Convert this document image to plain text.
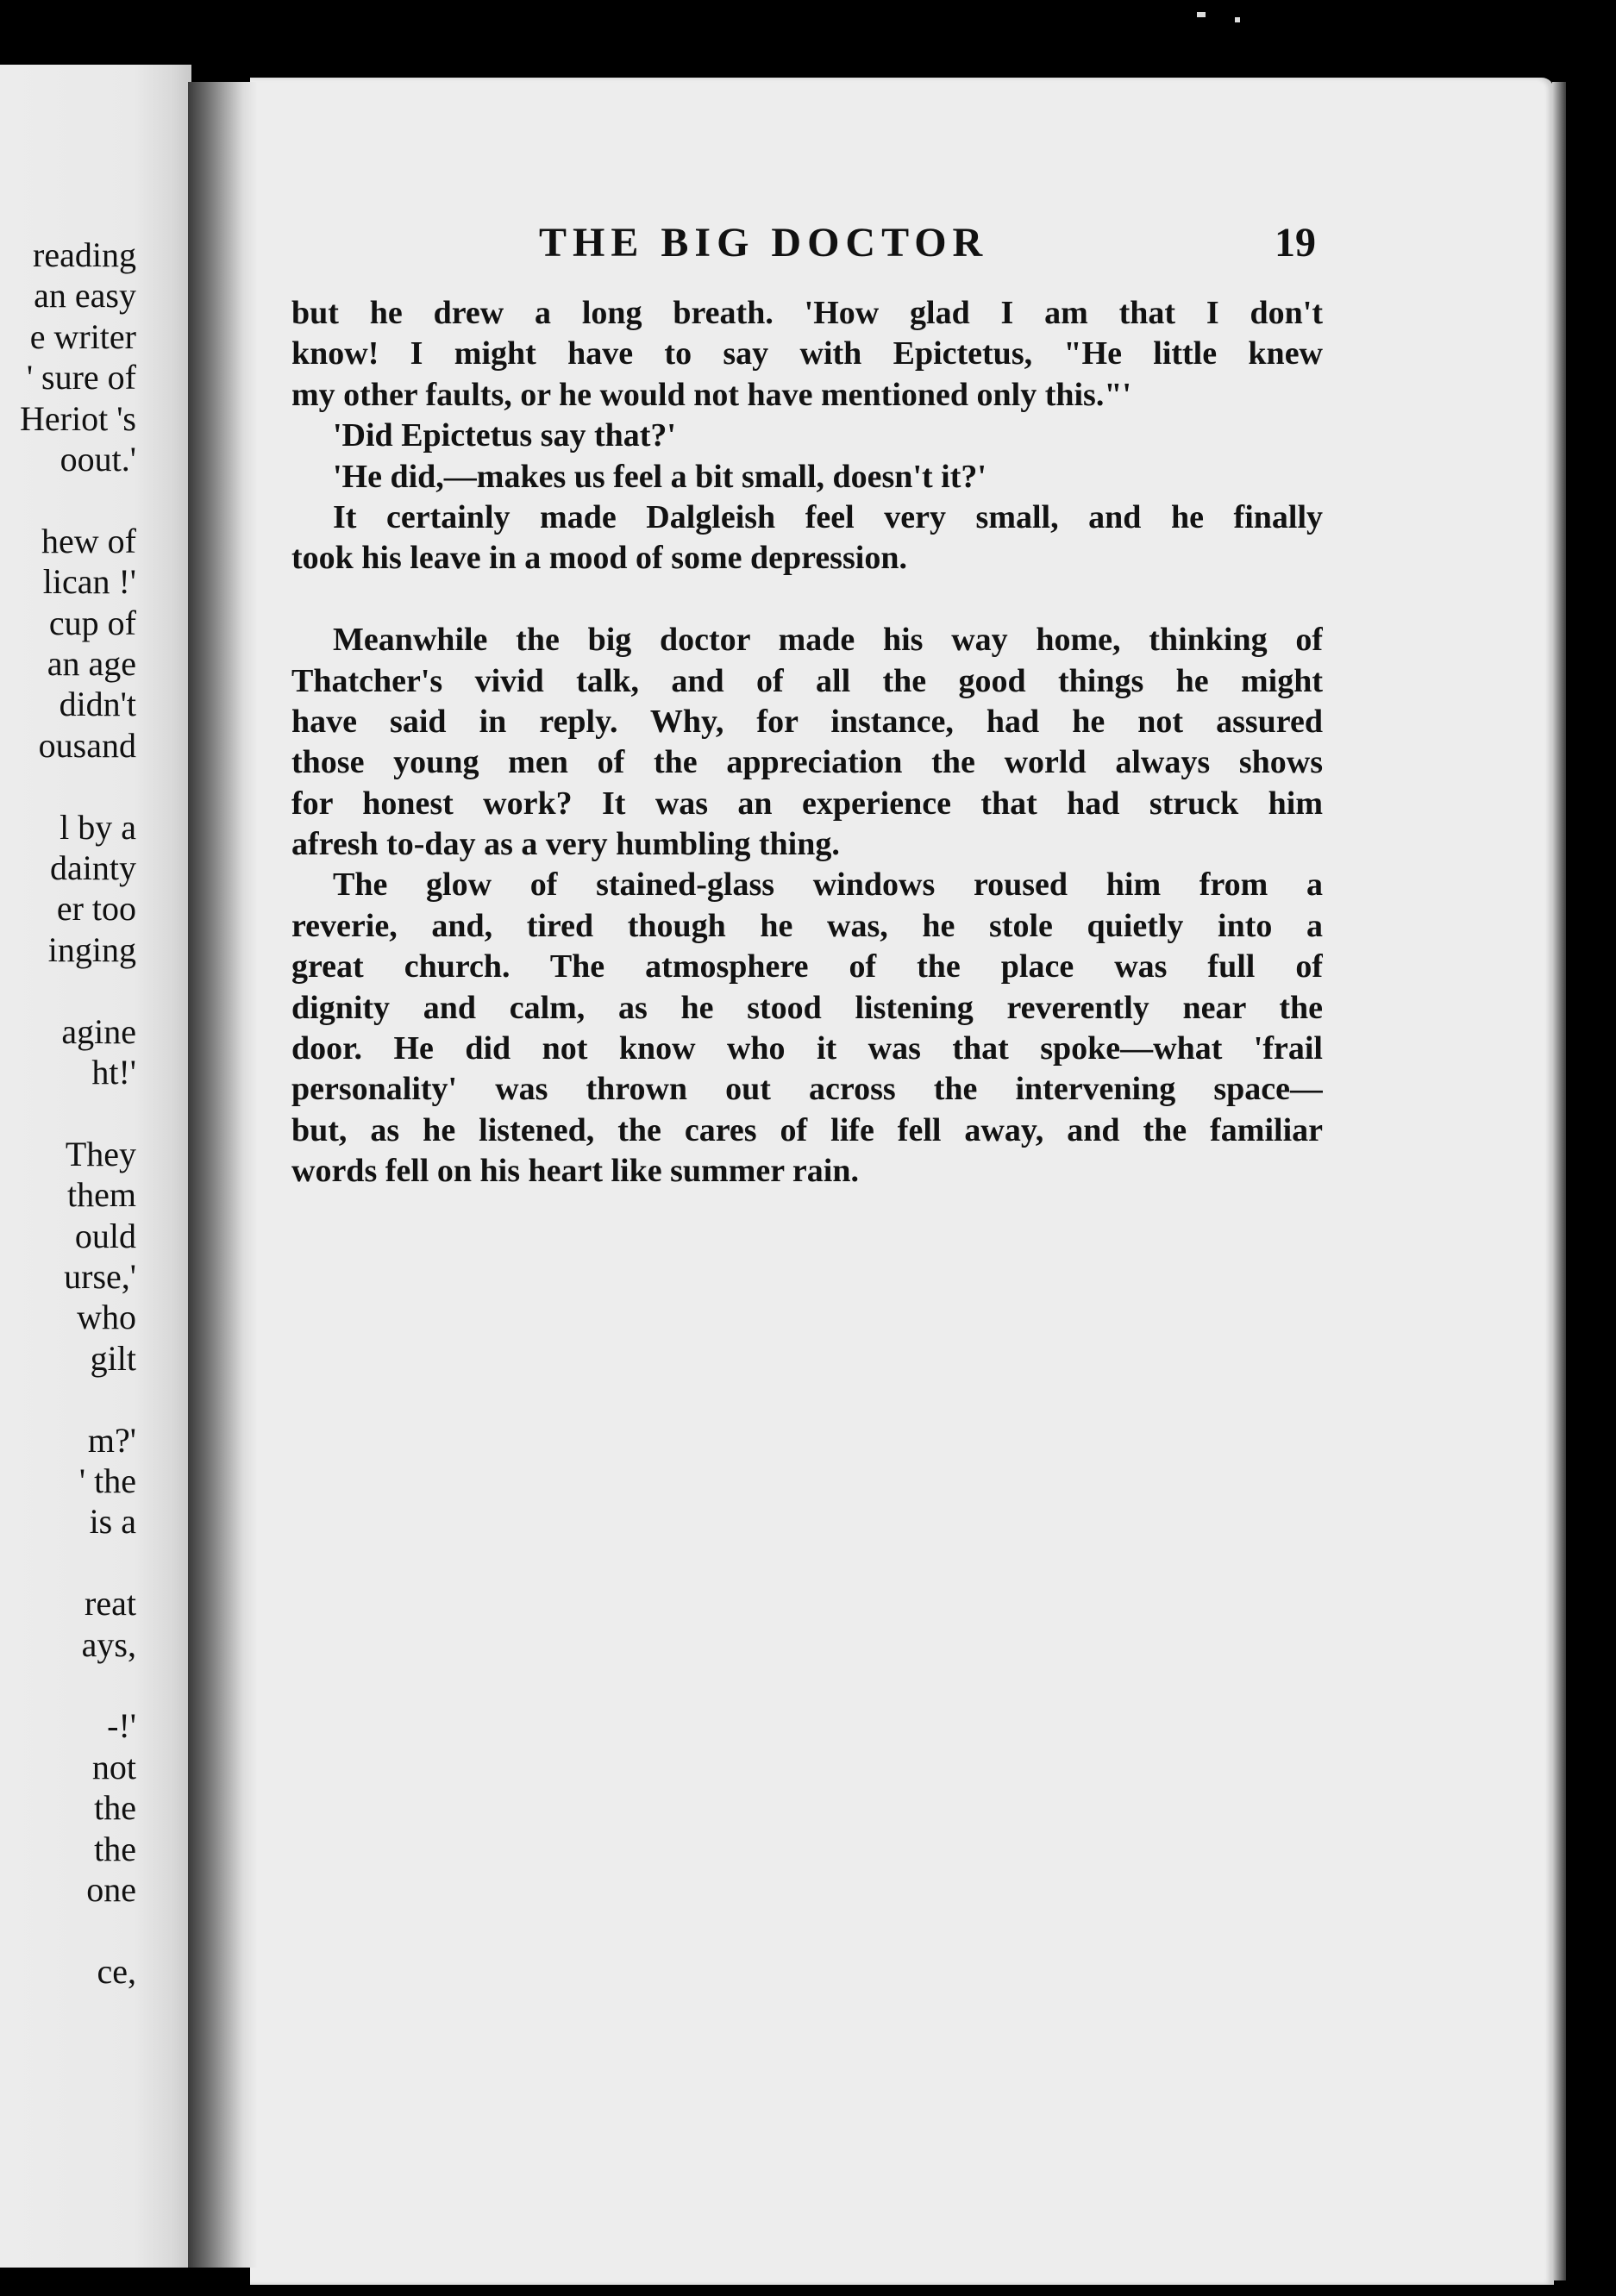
reading
an easy
e writer
' sure of
Heriot 's
oout.'
hew of
lican !'
cup of
an age
didn't
ousand
l by a
dainty
er too
inging
agine
ht!'
They
them
ould
urse,'
who
gilt
m?'
' the
is a
reat
ays,
-!'
not
the
the
one
ce,
THE BIG DOCTOR	19
but he drew a long breath. 'How glad I am that I don't
know! I might have to say with Epictetus, "He little knew
my other faults, or he would not have mentioned only this."'
'Did Epictetus say that?'
'He did,—makes us feel a bit small, doesn't it?'
It certainly made Dalgleish feel very small, and he finally
took his leave in a mood of some depression.
Meanwhile the big doctor made his way home, thinking of
Thatcher's vivid talk, and of all the good things he might
have said in reply. Why, for instance, had he not assured
those young men of the appreciation the world always shows
for honest work? It was an experience that had struck him
afresh to-day as a very humbling thing.
The glow of stained-glass windows roused him from a
reverie, and, tired though he was, he stole quietly into a
great church. The atmosphere of the place was full of
dignity and calm, as he stood listening reverently near the
door. He did not know who it was that spoke—what 'frail
personality' was thrown out across the intervening space—
but, as he listened, the cares of life fell away, and the familiar
words fell on his heart like summer rain.
